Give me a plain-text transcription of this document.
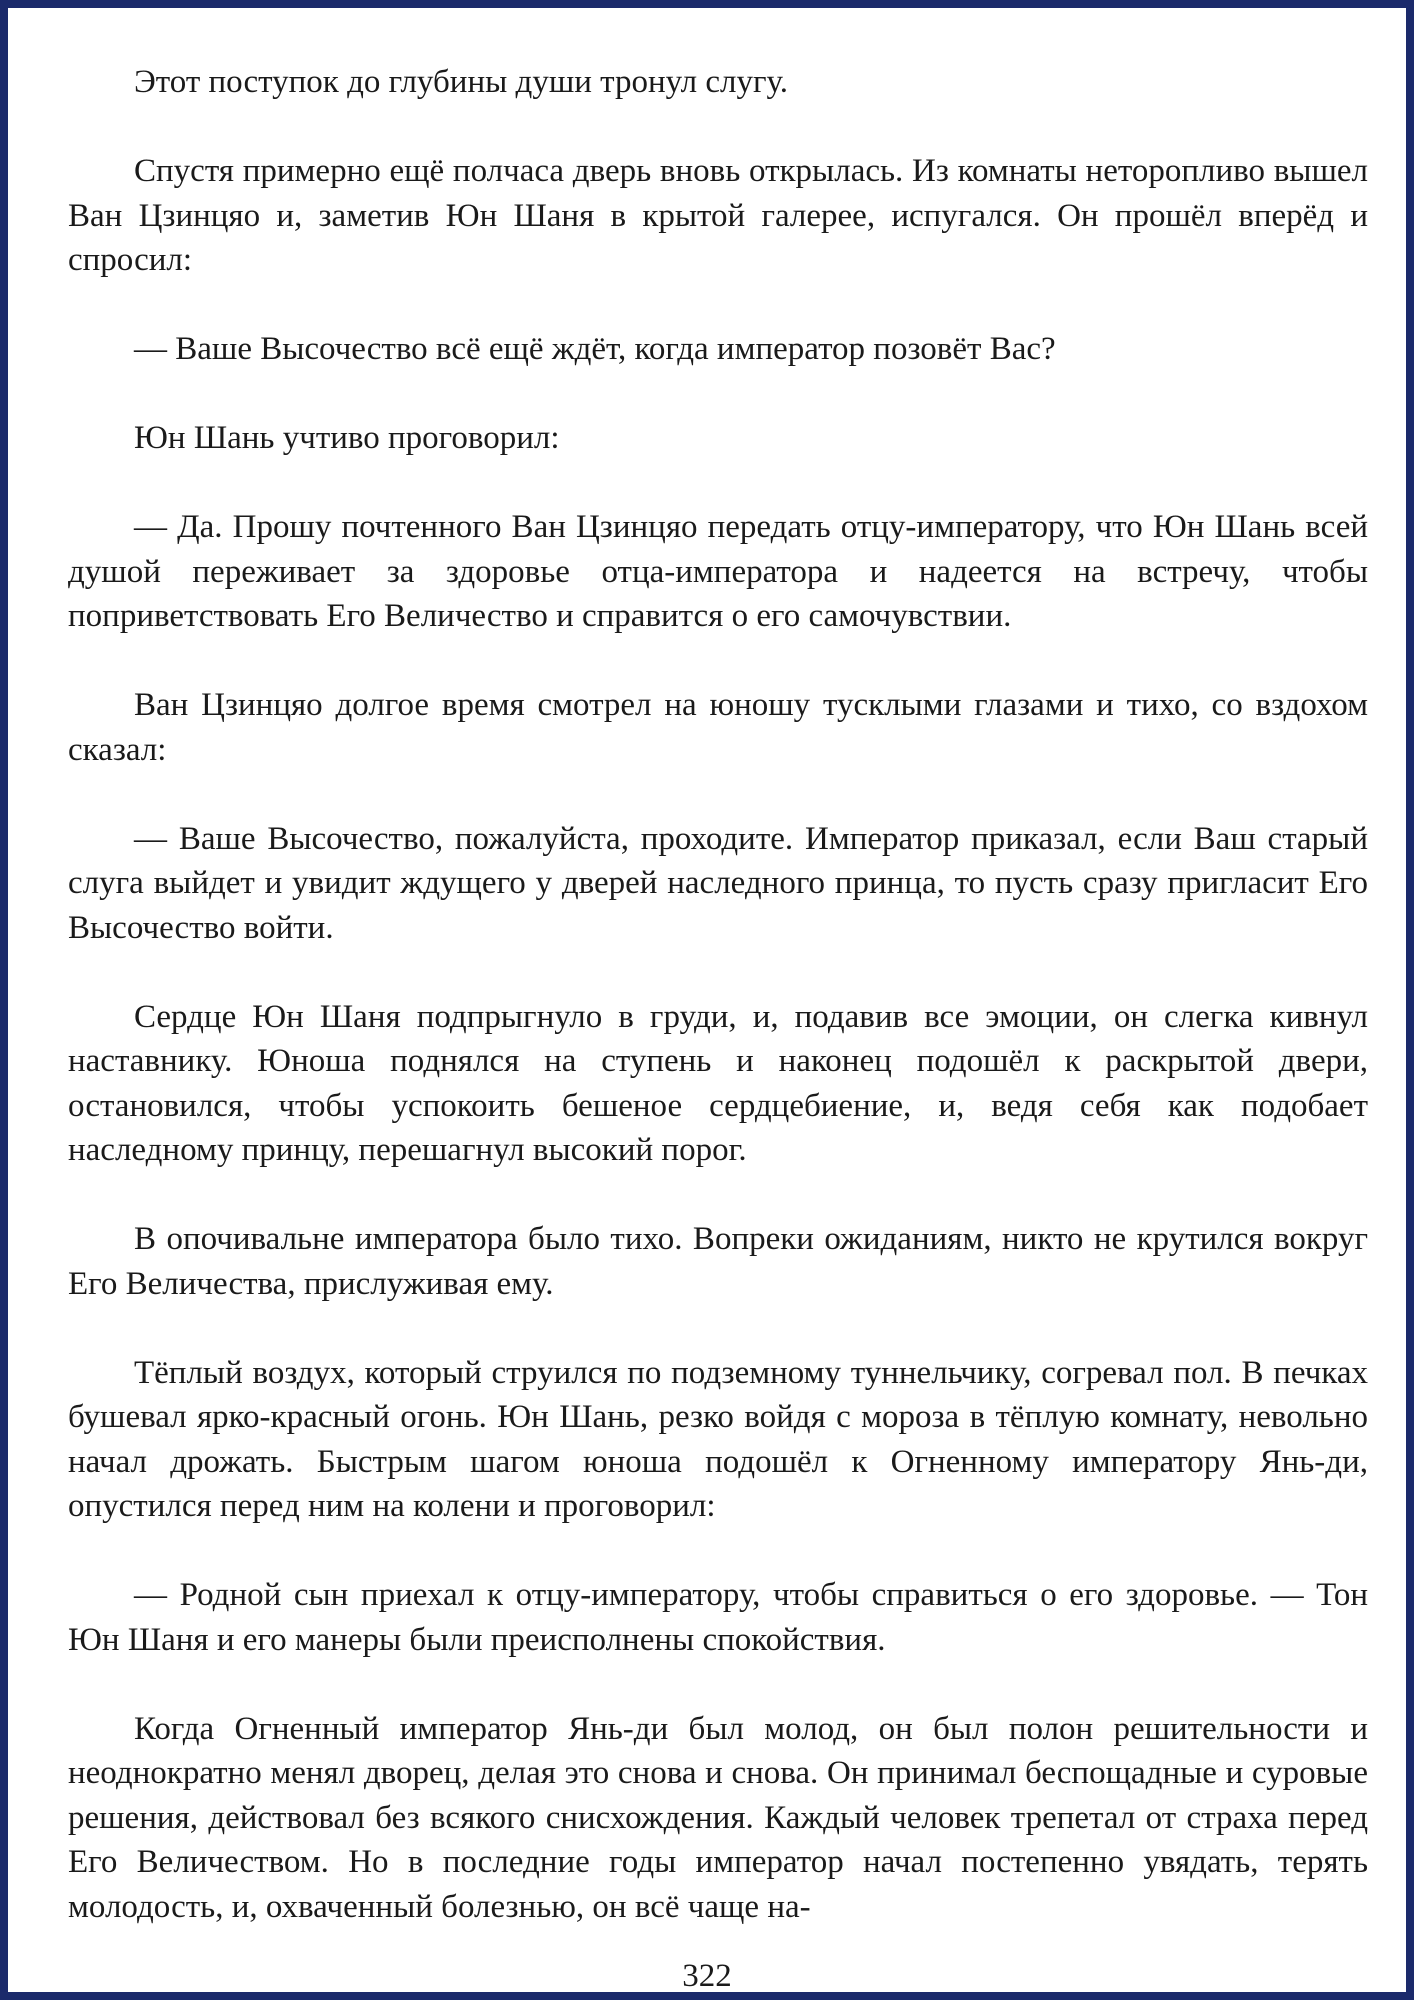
Этот поступок до глубины души тронул слугу.

Спустя примерно ещё полчаса дверь вновь открылась. Из комнаты неторопливо вышел Ван Цзинцяо и, заметив Юн Шаня в крытой галерее, испугался. Он прошёл вперёд и спросил:

— Ваше Высочество всё ещё ждёт, когда император позовёт Вас?

Юн Шань учтиво проговорил:

— Да. Прошу почтенного Ван Цзинцяо передать отцу-императору, что Юн Шань всей душой переживает за здоровье отца-императора и надеется на встречу, чтобы поприветствовать Его Величество и справится о его самочувствии.

Ван Цзинцяо долгое время смотрел на юношу тусклыми глазами и тихо, со вздохом сказал:

— Ваше Высочество, пожалуйста, проходите. Император приказал, если Ваш старый слуга выйдет и увидит ждущего у дверей наследного принца, то пусть сразу пригласит Его Высочество войти.

Сердце Юн Шаня подпрыгнуло в груди, и, подавив все эмоции, он слегка кивнул наставнику. Юноша поднялся на ступень и наконец подошёл к раскрытой двери, остановился, чтобы успокоить бешеное сердцебиение, и, ведя себя как подобает наследному принцу, перешагнул высокий порог.

В опочивальне императора было тихо. Вопреки ожиданиям, никто не крутился вокруг Его Величества, прислуживая ему.

Тёплый воздух, который струился по подземному туннельчику, согревал пол. В печках бушевал ярко-красный огонь. Юн Шань, резко войдя с мороза в тёплую комнату, невольно начал дрожать. Быстрым шагом юноша подошёл к Огненному императору Янь-ди, опустился перед ним на колени и проговорил:

— Родной сын приехал к отцу-императору, чтобы справиться о его здоровье. — Тон Юн Шаня и его манеры были преисполнены спокойствия.

Когда Огненный император Янь-ди был молод, он был полон решительности и неоднократно менял дворец, делая это снова и снова. Он принимал беспощадные и суровые решения, действовал без всякого снисхождения. Каждый человек трепетал от страха перед Его Величеством. Но в последние годы император начал постепенно увядать, терять молодость, и, охваченный болезнью, он всё чаще на-

322
